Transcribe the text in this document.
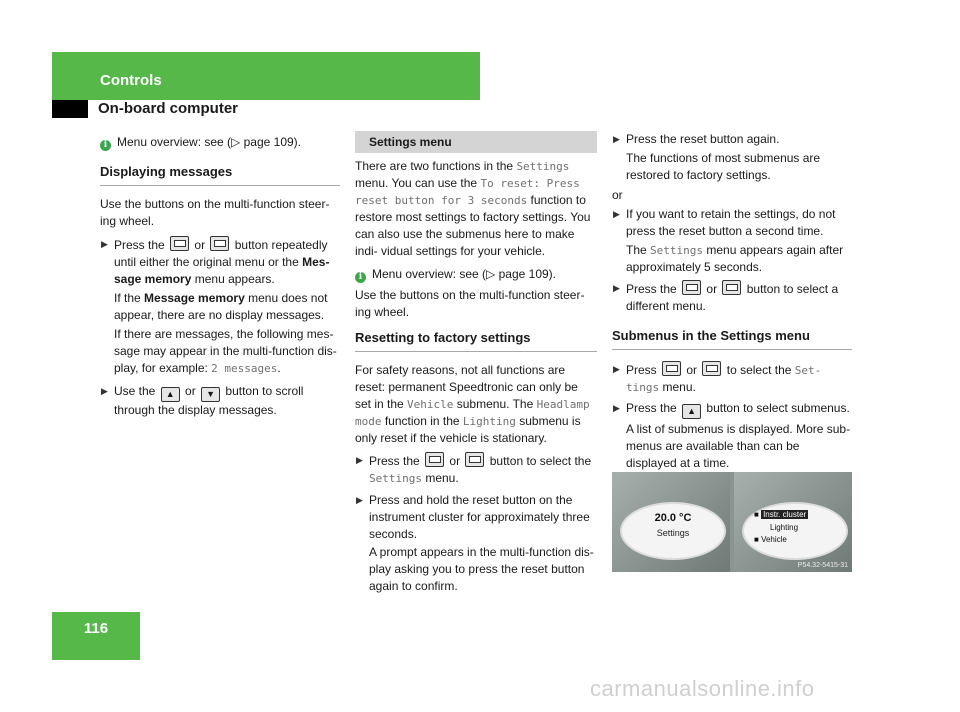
Controls
On-board computer

i Menu overview: see (▷ page 109).

Displaying messages

Use the buttons on the multi-function steer- ing wheel.

▶ Press the or button repeatedly until either the original menu or the Mes- sage memory menu appears.

If the Message memory menu does not appear, there are no display messages.

If there are messages, the following mes- sage may appear in the multi-function dis- play, for example: 2 messages.

▶ Use the ▲ or ▼ button to scroll through the display messages.
Settings menu

There are two functions in the Settings menu. You can use the To reset: Press reset button for 3 seconds function to restore most settings to factory settings. You can also use the submenus here to make indi- vidual settings for your vehicle.

i Menu overview: see (▷ page 109).

Use the buttons on the multi-function steer- ing wheel.

Resetting to factory settings

For safety reasons, not all functions are reset: permanent Speedtronic can only be set in the Vehicle submenu. The Headlamp mode function in the Lighting submenu is only reset if the vehicle is stationary.

▶ Press the or button to select the Settings menu.
▶ Press and hold the reset button on the instrument cluster for approximately three seconds.

A prompt appears in the multi-function dis- play asking you to press the reset button again to confirm.

▶ Press the reset button again.

The functions of most submenus are restored to factory settings.

or

▶ If you want to retain the settings, do not press the reset button a second time.

The Settings menu appears again after approximately 5 seconds.

▶ Press the or button to select a different menu.
Submenus in the Settings menu
▶ Press or to select the Set- tings menu.
▶ Press the ▲ button to select submenus.

A list of submenus is displayed. More sub- menus are available than can be displayed at a time.

20.0 °C
Settings
■ Instr. cluster
Lighting
■ Vehicle
P54.32-5415-31
116
carmanualsonline.info
